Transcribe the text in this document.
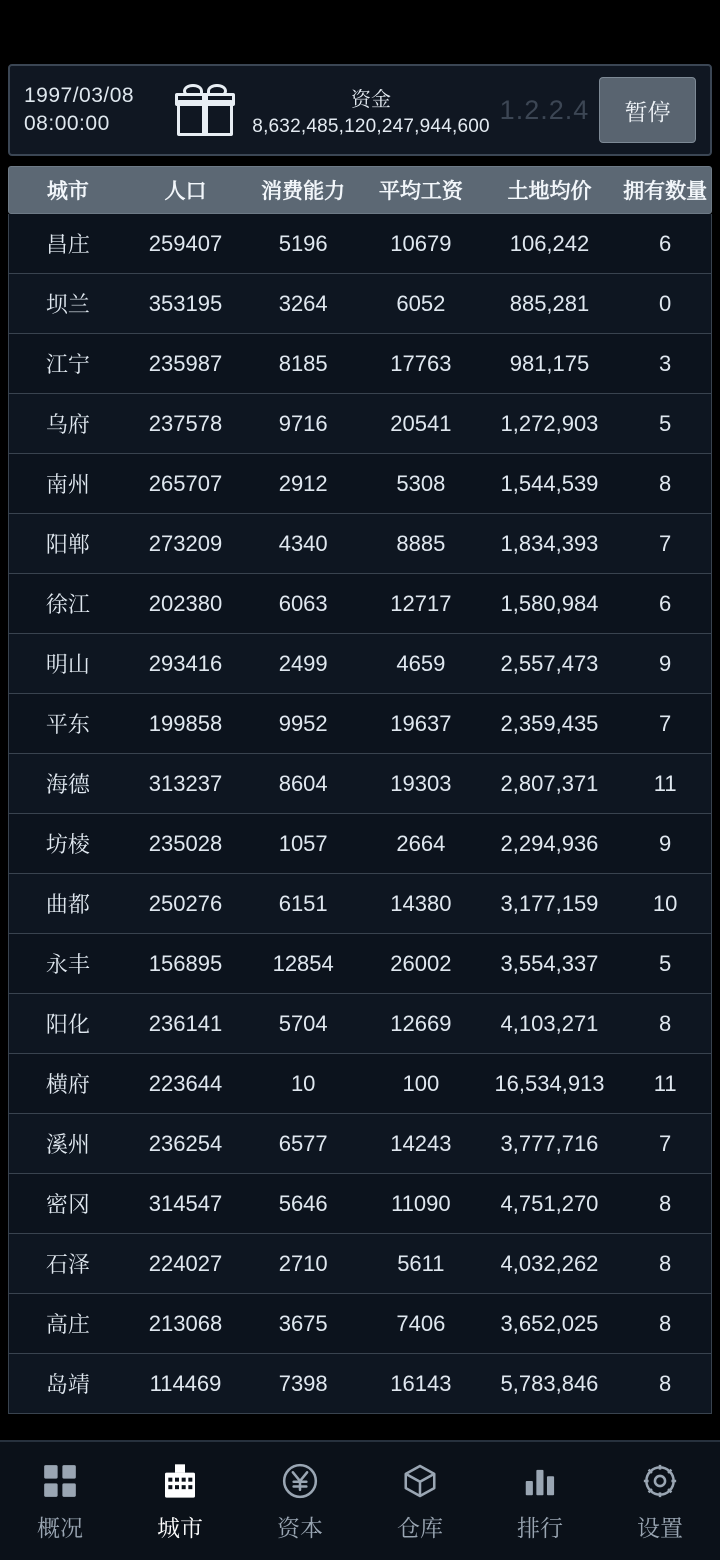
1997/03/08
08:00:00
资金
8,632,485,120,247,944,600
1.2.2.4	暂停
城市	人口	消费能力	平均工资	土地均价	拥有数量
昌庄	259407	5196	10679	106,242	6
坝兰	353195	3264	6052	885,281	0
江宁	235987	8185	17763	981,175	3
乌府	237578	9716	20541	1,272,903	5
南州	265707	2912	5308	1,544,539	8
阳郸	273209	4340	8885	1,834,393	7
徐江	202380	6063	12717	1,580,984	6
明山	293416	2499	4659	2,557,473	9
平东	199858	9952	19637	2,359,435	7
海德	313237	8604	19303	2,807,371	11
坊棱	235028	1057	2664	2,294,936	9
曲都	250276	6151	14380	3,177,159	10
永丰	156895	12854	26002	3,554,337	5
阳化	236141	5704	12669	4,103,271	8
横府	223644	10	100	16,534,913	11
溪州	236254	6577	14243	3,777,716	7
密冈	314547	5646	11090	4,751,270	8
石泽	224027	2710	5611	4,032,262	8
高庄	213068	3675	7406	3,652,025	8
岛靖	114469	7398	16143	5,783,846	8
概况	城市	资本	仓库	排行	设置
